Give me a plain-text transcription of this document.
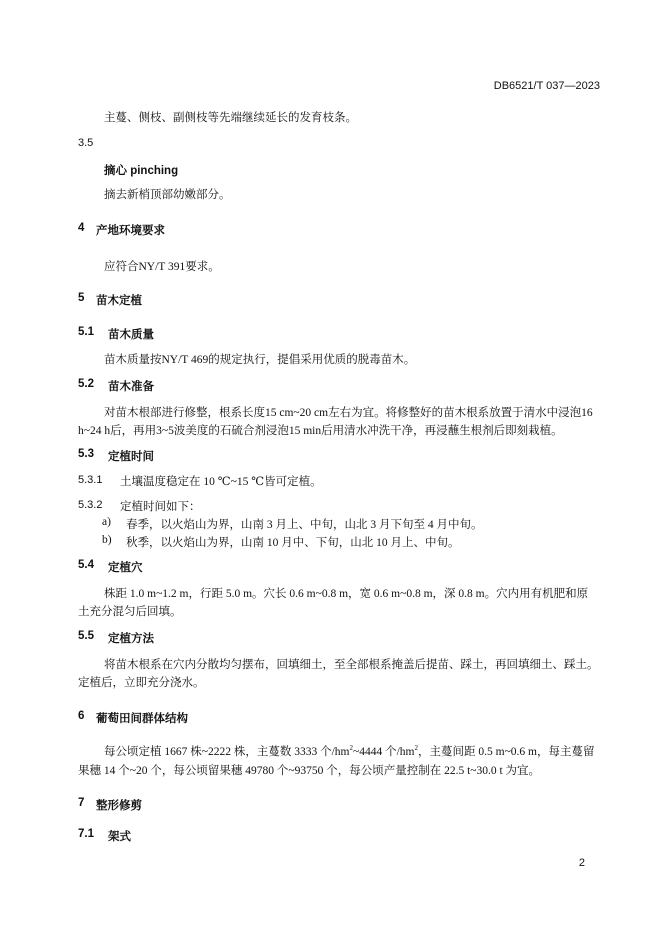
DB6521/T 037—2023
主蔓、侧枝、副侧枝等先端继续延长的发育枝条。
3.5
摘心 pinching
摘去新梢顶部幼嫩部分。
4 产地环境要求
应符合NY/T 391要求。
5 苗木定植
5.1 苗木质量
苗木质量按NY/T 469的规定执行，提倡采用优质的脱毒苗木。
5.2 苗木准备
对苗木根部进行修整，根系长度15 cm~20 cm左右为宜。将修整好的苗木根系放置于清水中浸泡16
h~24 h后，再用3~5波美度的石硫合剂浸泡15 min后用清水冲洗干净，再浸蘸生根剂后即刻栽植。
5.3 定植时间
5.3.1 土壤温度稳定在 10 ℃~15 ℃皆可定植。
5.3.2 定植时间如下：
a) 春季，以火焰山为界，山南 3 月上、中旬，山北 3 月下旬至 4 月中旬。
b) 秋季，以火焰山为界，山南 10 月中、下旬，山北 10 月上、中旬。
5.4 定植穴
株距 1.0 m~1.2 m，行距 5.0 m。穴长 0.6 m~0.8 m，宽 0.6 m~0.8 m，深 0.8 m。穴内用有机肥和原
土充分混匀后回填。
5.5 定植方法
将苗木根系在穴内分散均匀摆布，回填细土，至全部根系掩盖后提苗、踩土，再回填细土、踩土。
定植后，立即充分浇水。
6 葡萄田间群体结构
每公顷定植 1667 株~2222 株，主蔓数 3333 个$/hm^2\sim 4444$ 个$/hm^2$，主蔓间距 0.5 m~0.6 m，每主蔓留
果穗 14 个~20 个，每公顷留果穗 49780 个~93750 个，每公顷产量控制在 22.5 t~30.0 t 为宜。
7 整形修剪
7.1 架式
2
